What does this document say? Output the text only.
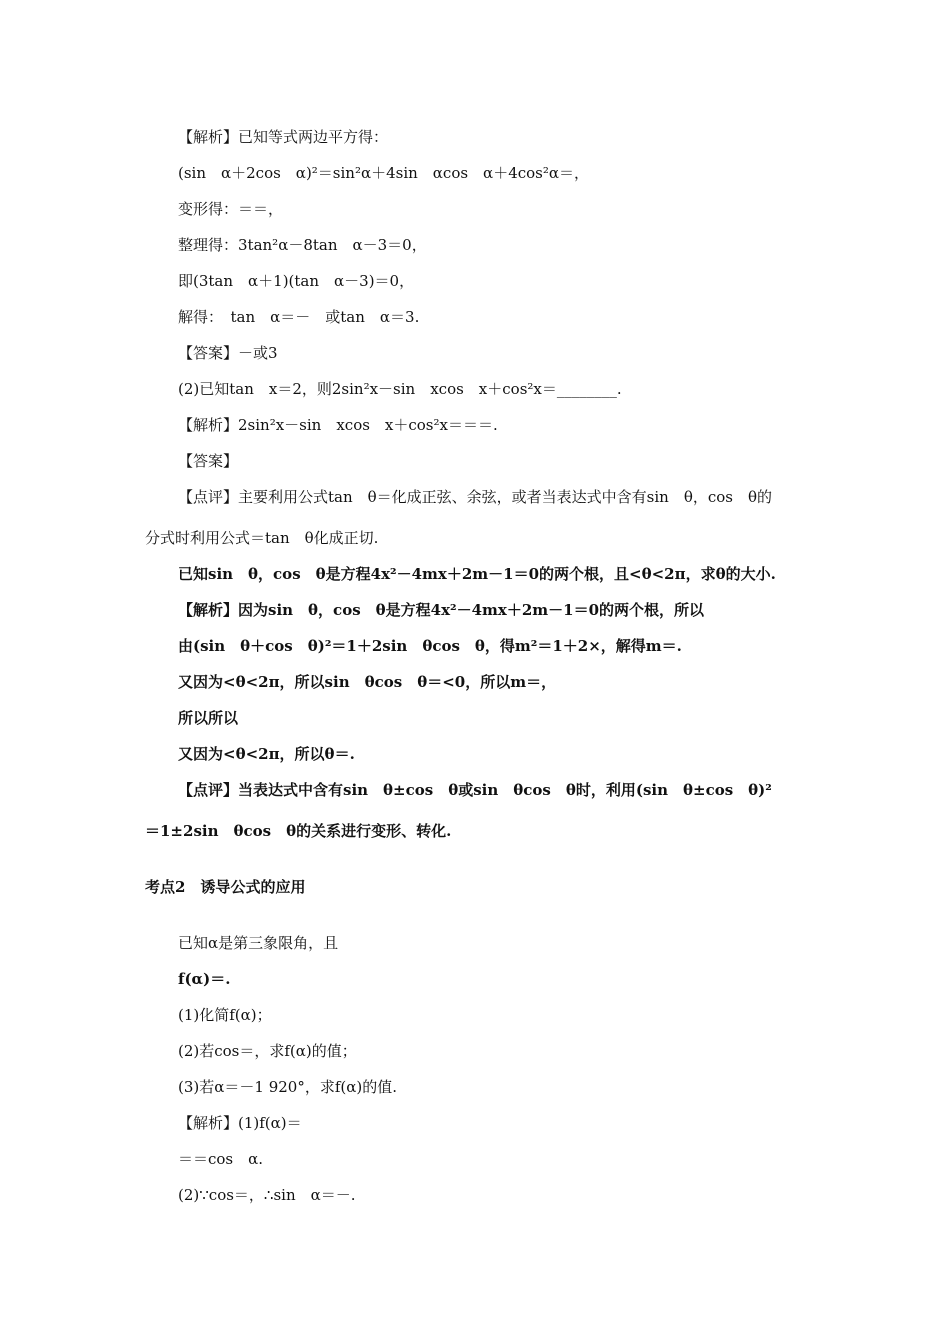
【解析】已知等式两边平方得：
(sin　α＋2cos　α)²＝sin²α＋4sin　αcos　α＋4cos²α＝，
变形得：＝＝，
整理得：3tan²α－8tan　α－3＝0，
即(3tan　α＋1)(tan　α－3)＝0，
解得：　tan　α＝－　或tan　α＝3.
【答案】－或3
(2)已知tan　x＝2，则2sin²x－sin　xcos　x＋cos²x＝________.
【解析】2sin²x－sin　xcos　x＋cos²x＝＝＝.
【答案】
【点评】主要利用公式tan　θ＝化成正弦、余弦，或者当表达式中含有sin　θ，cos　θ的
分式时利用公式＝tan　θ化成正切.
已知sin　θ，cos　θ是方程4x²－4mx＋2m－1＝0的两个根，且<θ<2π，求θ的大小.
【解析】因为sin　θ，cos　θ是方程4x²－4mx＋2m－1＝0的两个根，所以
由(sin　θ＋cos　θ)²＝1＋2sin　θcos　θ，得m²＝1＋2×，解得m＝.
又因为<θ<2π，所以sin　θcos　θ＝<0，所以m＝，
所以所以
又因为<θ<2π，所以θ＝.
【点评】当表达式中含有sin　θ±cos　θ或sin　θcos　θ时，利用(sin　θ±cos　θ)²
＝1±2sin　θcos　θ的关系进行变形、转化.
考点2　诱导公式的应用
已知α是第三象限角，且
f(α)＝.
(1)化简f(α)；
(2)若cos＝，求f(α)的值；
(3)若α＝－1 920°，求f(α)的值.
【解析】(1)f(α)＝
＝＝cos　α.
(2)∵cos＝，∴sin　α＝－.
